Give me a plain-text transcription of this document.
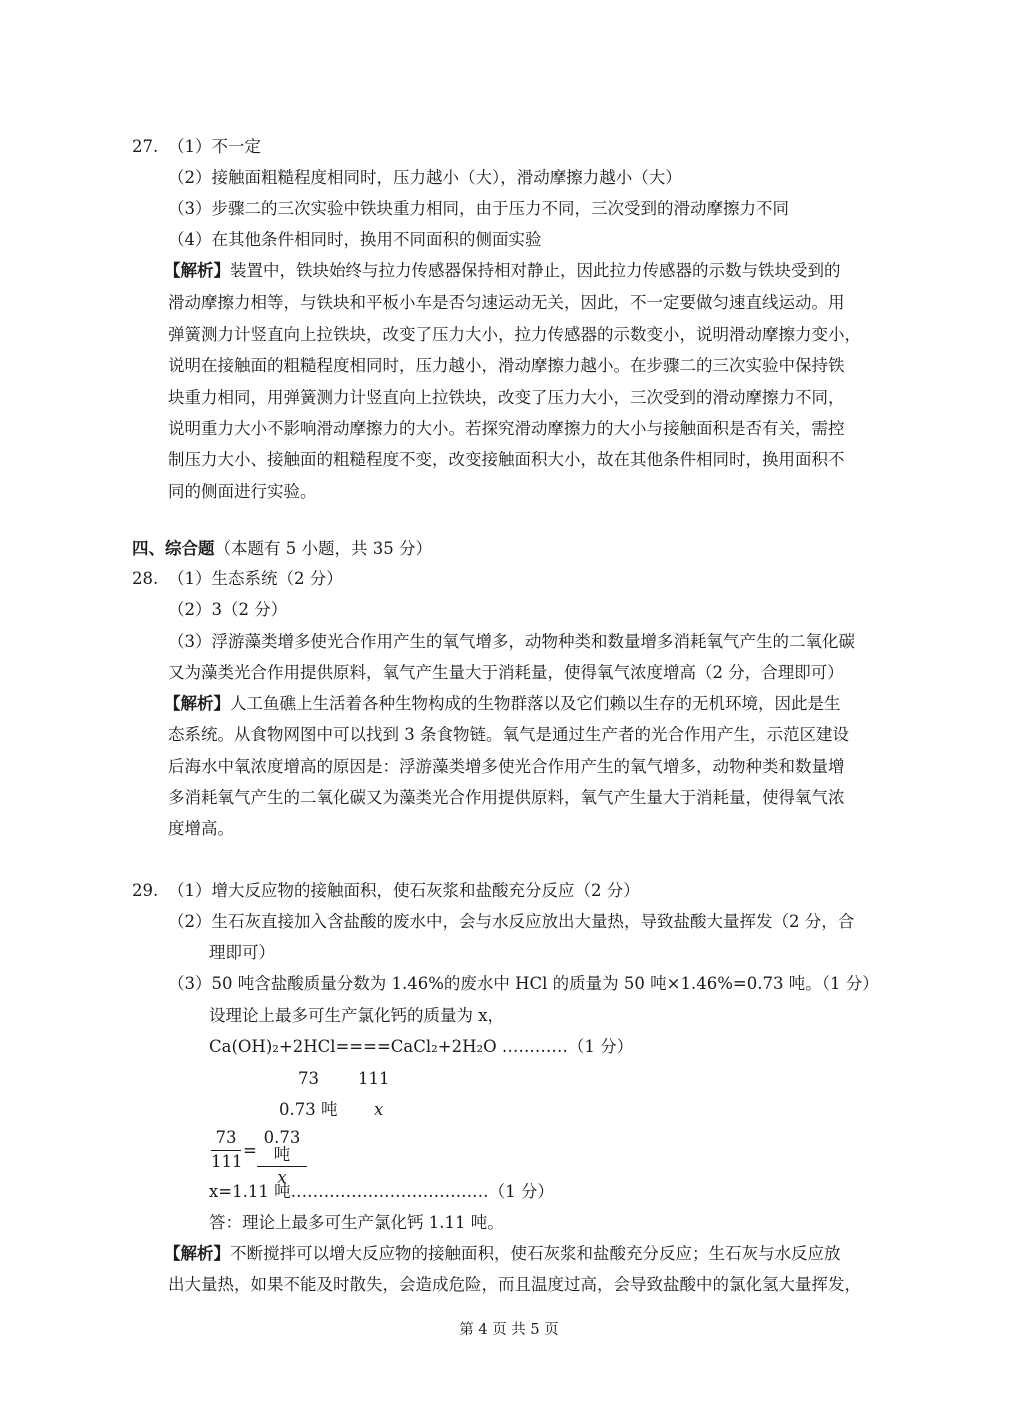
27. （1）不一定
（2）接触面粗糙程度相同时，压力越小（大），滑动摩擦力越小（大）
（3）步骤二的三次实验中铁块重力相同，由于压力不同，三次受到的滑动摩擦力不同
（4）在其他条件相同时，换用不同面积的侧面实验
【解析】装置中，铁块始终与拉力传感器保持相对静止，因此拉力传感器的示数与铁块受到的
滑动摩擦力相等，与铁块和平板小车是否匀速运动无关，因此，不一定要做匀速直线运动。用
弹簧测力计竖直向上拉铁块，改变了压力大小，拉力传感器的示数变小，说明滑动摩擦力变小，
说明在接触面的粗糙程度相同时，压力越小，滑动摩擦力越小。在步骤二的三次实验中保持铁
块重力相同，用弹簧测力计竖直向上拉铁块，改变了压力大小，三次受到的滑动摩擦力不同，
说明重力大小不影响滑动摩擦力的大小。若探究滑动摩擦力的大小与接触面积是否有关，需控
制压力大小、接触面的粗糙程度不变，改变接触面积大小，故在其他条件相同时，换用面积不
同的侧面进行实验。
四、综合题（本题有 5 小题，共 35 分）
28. （1）生态系统（2 分）
（2）3（2 分）
（3）浮游藻类增多使光合作用产生的氧气增多，动物种类和数量增多消耗氧气产生的二氧化碳
又为藻类光合作用提供原料，氧气产生量大于消耗量，使得氧气浓度增高（2 分，合理即可）
【解析】人工鱼礁上生活着各种生物构成的生物群落以及它们赖以生存的无机环境，因此是生
态系统。从食物网图中可以找到 3 条食物链。氧气是通过生产者的光合作用产生，示范区建设
后海水中氧浓度增高的原因是：浮游藻类增多使光合作用产生的氧气增多，动物种类和数量增
多消耗氧气产生的二氧化碳又为藻类光合作用提供原料，氧气产生量大于消耗量，使得氧气浓
度增高。
29. （1）增大反应物的接触面积，使石灰浆和盐酸充分反应（2 分）
（2）生石灰直接加入含盐酸的废水中，会与水反应放出大量热，导致盐酸大量挥发（2 分，合
理即可）
（3）50 吨含盐酸质量分数为 1.46%的废水中 HCl 的质量为 50 吨×1.46%=0.73 吨。（1 分）
设理论上最多可生产氯化钙的质量为 x，
Ca(OH)₂+2HCl====CaCl₂+2H₂O …………（1 分）
73 111
0.73 吨 x
73
111
=
0.73吨
x
x=1.11 吨………………………………（1 分）
答：理论上最多可生产氯化钙 1.11 吨。
【解析】不断搅拌可以增大反应物的接触面积，使石灰浆和盐酸充分反应；生石灰与水反应放
出大量热，如果不能及时散失，会造成危险，而且温度过高，会导致盐酸中的氯化氢大量挥发，
第 4 页 共 5 页
